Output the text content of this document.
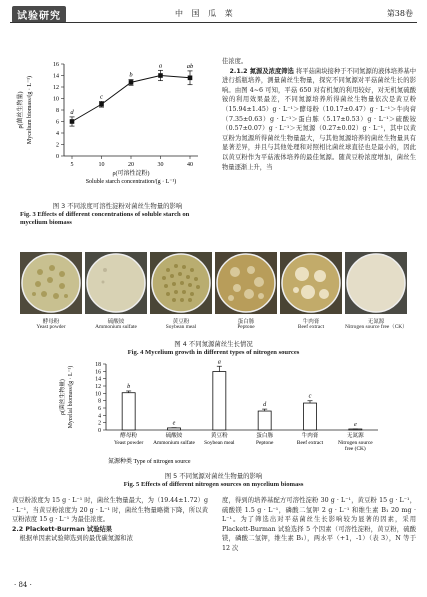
试验研究	中 国 瓜 菜	第38卷
0
2
4
6
8
10
12
14
16
5	10	20	30	40
d
c
b
a	ab
ρ(菌丝生物量) Mycelium biomass/(g · L⁻¹)
ρ(可溶性淀粉)
Soluble starch concentration/(g · L⁻¹)
图 3 不同浓度可溶性淀粉对菌丝生物量的影响
Fig. 3 Effects of different concentrations of soluble starch on mycelium biomass

佳浓度。

2.1.2 氮源及浓度筛选 将平菇菌块接种于不同氮源的液体培养基中进行摇瓶培养，测量菌丝生物量，探究不同氮源对平菇菌丝生长的影响。由图 4~6 可知，平菇 650 对有机氮的利用较好，对无机氮硫酸铵的利用效果最差，不同氮源培养所得菌丝生物量依次是黄豆粉（15.94±1.45）g · L⁻¹＞酵母粉（10.17±0.47）g · L⁻¹＞牛肉膏（7.35±0.63）g · L⁻¹＞蛋白胨（5.17±0.53）g · L⁻¹＞硫酸铵（0.57±0.07）g · L⁻¹＞无氮源（0.27±0.02）g · L⁻¹，其中以黄豆粉为氮源所得菌丝生物量最大，与其他氮源培养的菌丝生物量具有显著差异，并且与其他处理和对照相比菌丝球直径也是最小的，因此以黄豆粉作为平菇液体培养的最佳氮源。随黄豆粉浓度增加，菌丝生物量逐渐上升，当

酵母粉
Yeast powder
硫酸铵
Ammonium sulfate
黄豆粉
Soybean meal
蛋白胨
Peptone
牛肉膏
Beef extract
无氮源
Nitrogen source free（CK）
图 4 不同氮源菌丝生长情况
Fig. 4 Mycelium growth in different types of nitrogen sources
0
2
4
6
8
10
12
14
16
18
b
酵母粉
Yeast powder
e
硫酸铵
Ammonium sulfate
a
黄豆粉
Soybean meal
d
蛋白胨
Peptone
c
牛肉膏
Beef extract
e
无氮源
Nitrogen source
free (CK)
ρ(菌丝生物量) Mycelial biomass/(g · L⁻¹)
氮源种类 Type of nitrogen source
图 5 不同氮源对菌丝生物量的影响
Fig. 5 Effects of different nitrogen sources on mycelium biomass

黄豆粉浓度为 15 g · L⁻¹ 时，菌丝生物量最大，为（19.44±1.72）g · L⁻¹，当黄豆粉浓度为 20 g · L⁻¹ 时，菌丝生物量略微下降，所以黄豆粉浓度 15 g · L⁻¹ 为最佳浓度。

2.2 Plackett-Burman 试验结果

根据单因素试验筛选到的最优碳氮源和浓

度，得到的培养基配方可溶性淀粉 30 g · L⁻¹，黄豆粉 15 g · L⁻¹，硫酸镁 1.5 g · L⁻¹，磷酸二氢钾 2 g · L⁻¹ 和维生素 B₁ 20 mg · L⁻¹。为了筛选出对平菇菌丝生长影响较为显著的因素，采用 Plackett-Burman 试验选择 5 个因素（可溶性淀粉，黄豆粉，硫酸镁，磷酸二氢钾，维生素 B₁），两水平（+1，-1）（表 3），N 等于 12 次

· 84 ·
